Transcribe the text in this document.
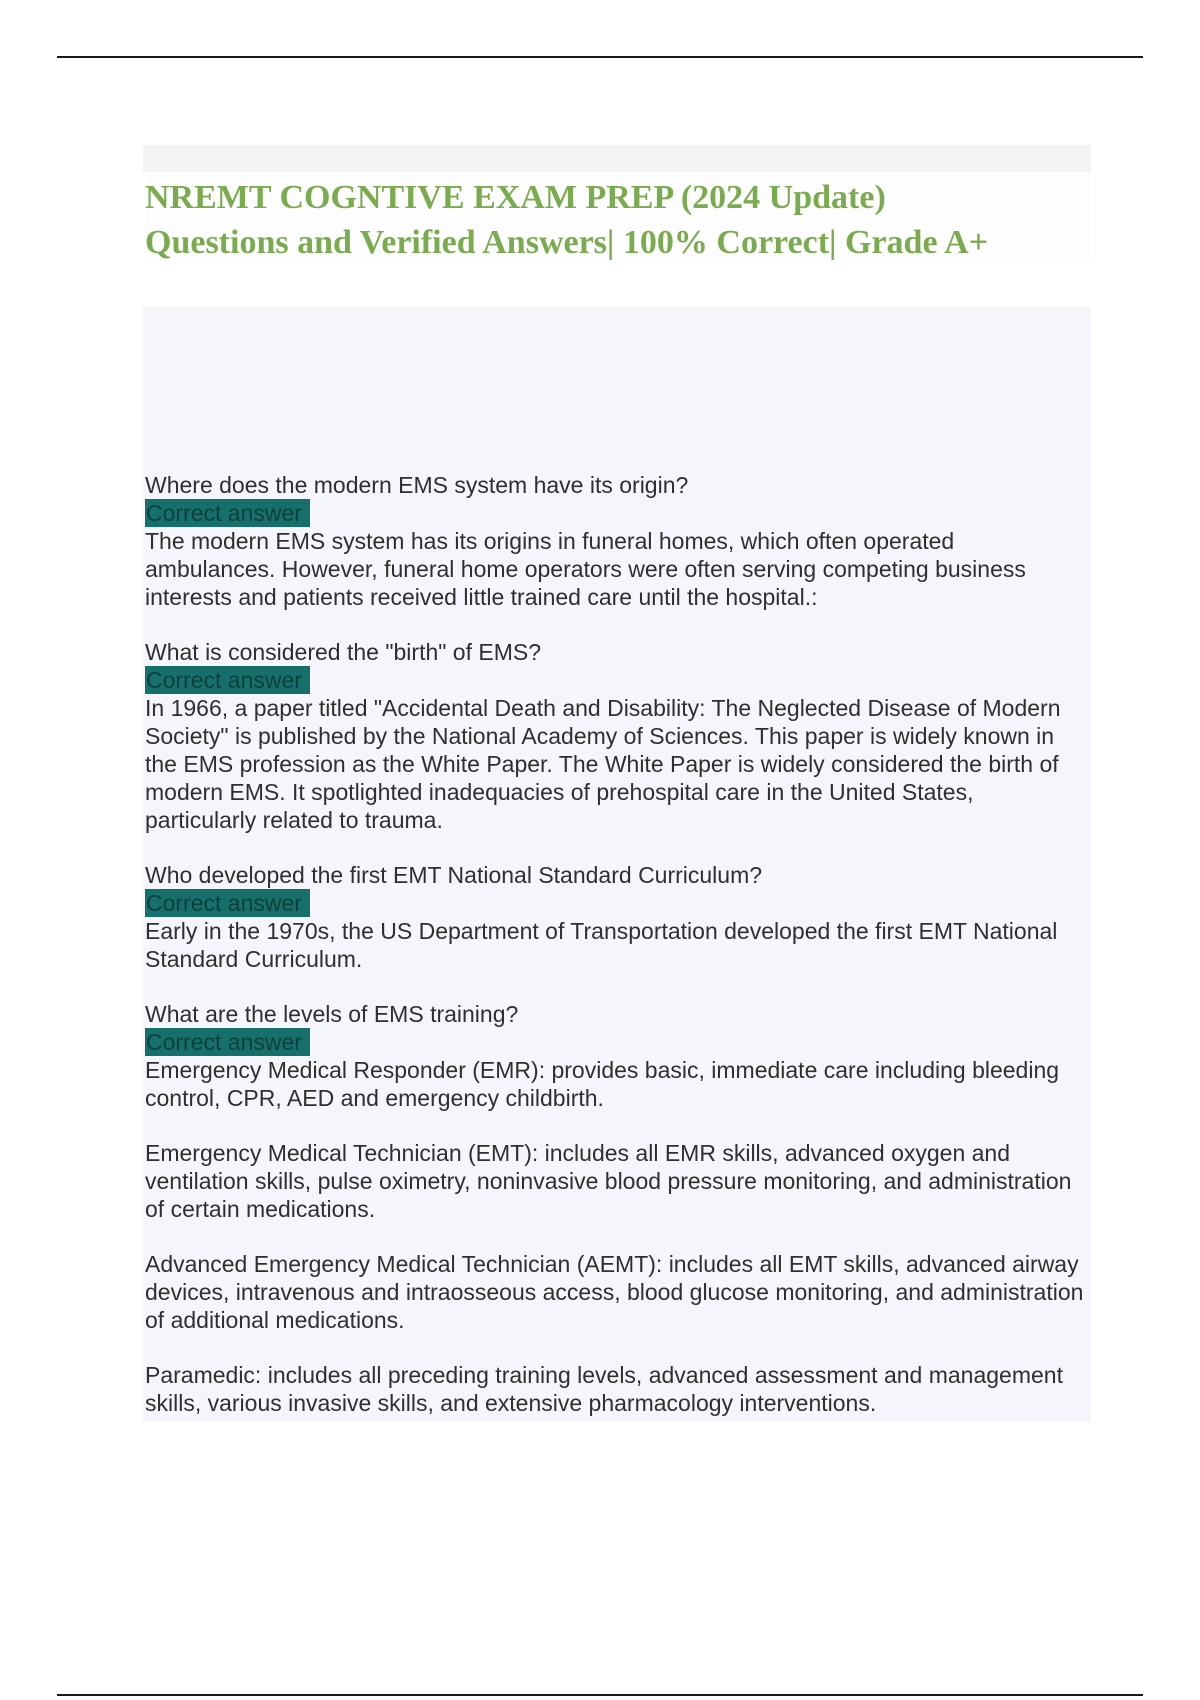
NREMT COGNTIVE EXAM PREP (2024 Update)
Questions and Verified Answers| 100% Correct| Grade A+

Where does the modern EMS system have its origin?

Correct answer

The modern EMS system has its origins in funeral homes, which often operated ambulances. However, funeral home operators were often serving competing business interests and patients received little trained care until the hospital.:

What is considered the "birth" of EMS?

Correct answer

In 1966, a paper titled "Accidental Death and Disability: The Neglected Disease of Modern Society" is published by the National Academy of Sciences. This paper is widely known in the EMS profession as the White Paper. The White Paper is widely considered the birth of modern EMS. It spotlighted inadequacies of prehospital care in the United States, particularly related to trauma.

Who developed the first EMT National Standard Curriculum?

Correct answer

Early in the 1970s, the US Department of Transportation developed the first EMT National Standard Curriculum.

What are the levels of EMS training?

Correct answer

Emergency Medical Responder (EMR): provides basic, immediate care including bleeding control, CPR, AED and emergency childbirth.

Emergency Medical Technician (EMT): includes all EMR skills, advanced oxygen and ventilation skills, pulse oximetry, noninvasive blood pressure monitoring, and administration of certain medications.

Advanced Emergency Medical Technician (AEMT): includes all EMT skills, advanced airway devices, intravenous and intraosseous access, blood glucose monitoring, and administration of additional medications.

Paramedic: includes all preceding training levels, advanced assessment and management skills, various invasive skills, and extensive pharmacology interventions.
